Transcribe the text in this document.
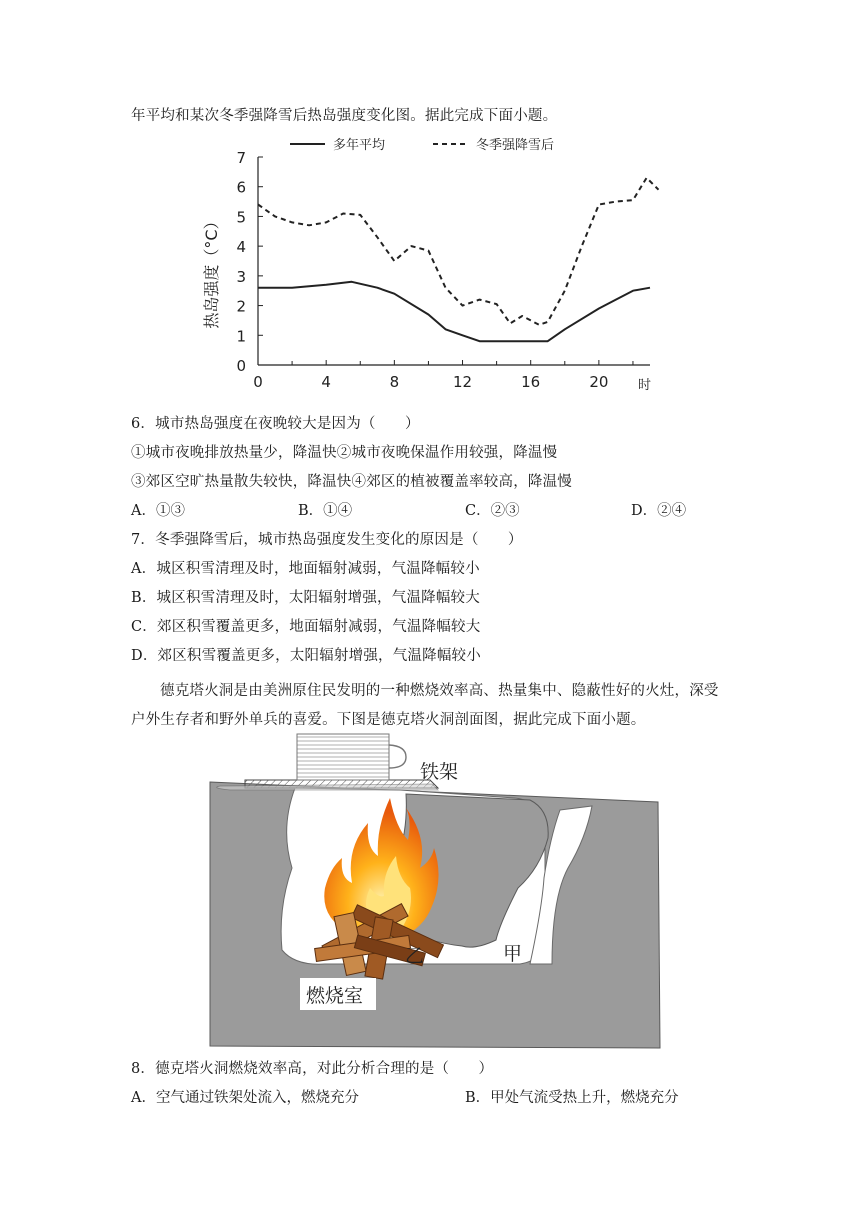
年平均和某次冬季强降雪后热岛强度变化图。据此完成下面小题。
多年平均	冬季强降雪后
0
1
2
3
4
5
6
7
0	4	8	12	16	20
热岛强度（°C）
时
6．城市热岛强度在夜晚较大是因为（　　）
①城市夜晚排放热量少，降温快②城市夜晚保温作用较强，降温慢
③郊区空旷热量散失较快，降温快④郊区的植被覆盖率较高，降温慢
A．①③	B．①④	C．②③	D．②④
7．冬季强降雪后，城市热岛强度发生变化的原因是（　　）
A．城区积雪清理及时，地面辐射减弱，气温降幅较小
B．城区积雪清理及时，太阳辐射增强，气温降幅较大
C．郊区积雪覆盖更多，地面辐射减弱，气温降幅较大
D．郊区积雪覆盖更多，太阳辐射增强，气温降幅较小
德克塔火洞是由美洲原住民发明的一种燃烧效率高、热量集中、隐蔽性好的火灶，深受
户外生存者和野外单兵的喜爱。下图是德克塔火洞剖面图，据此完成下面小题。
铁架
乙	甲
燃烧室
8．德克塔火洞燃烧效率高，对此分析合理的是（　　）
A．空气通过铁架处流入，燃烧充分	B．甲处气流受热上升，燃烧充分
